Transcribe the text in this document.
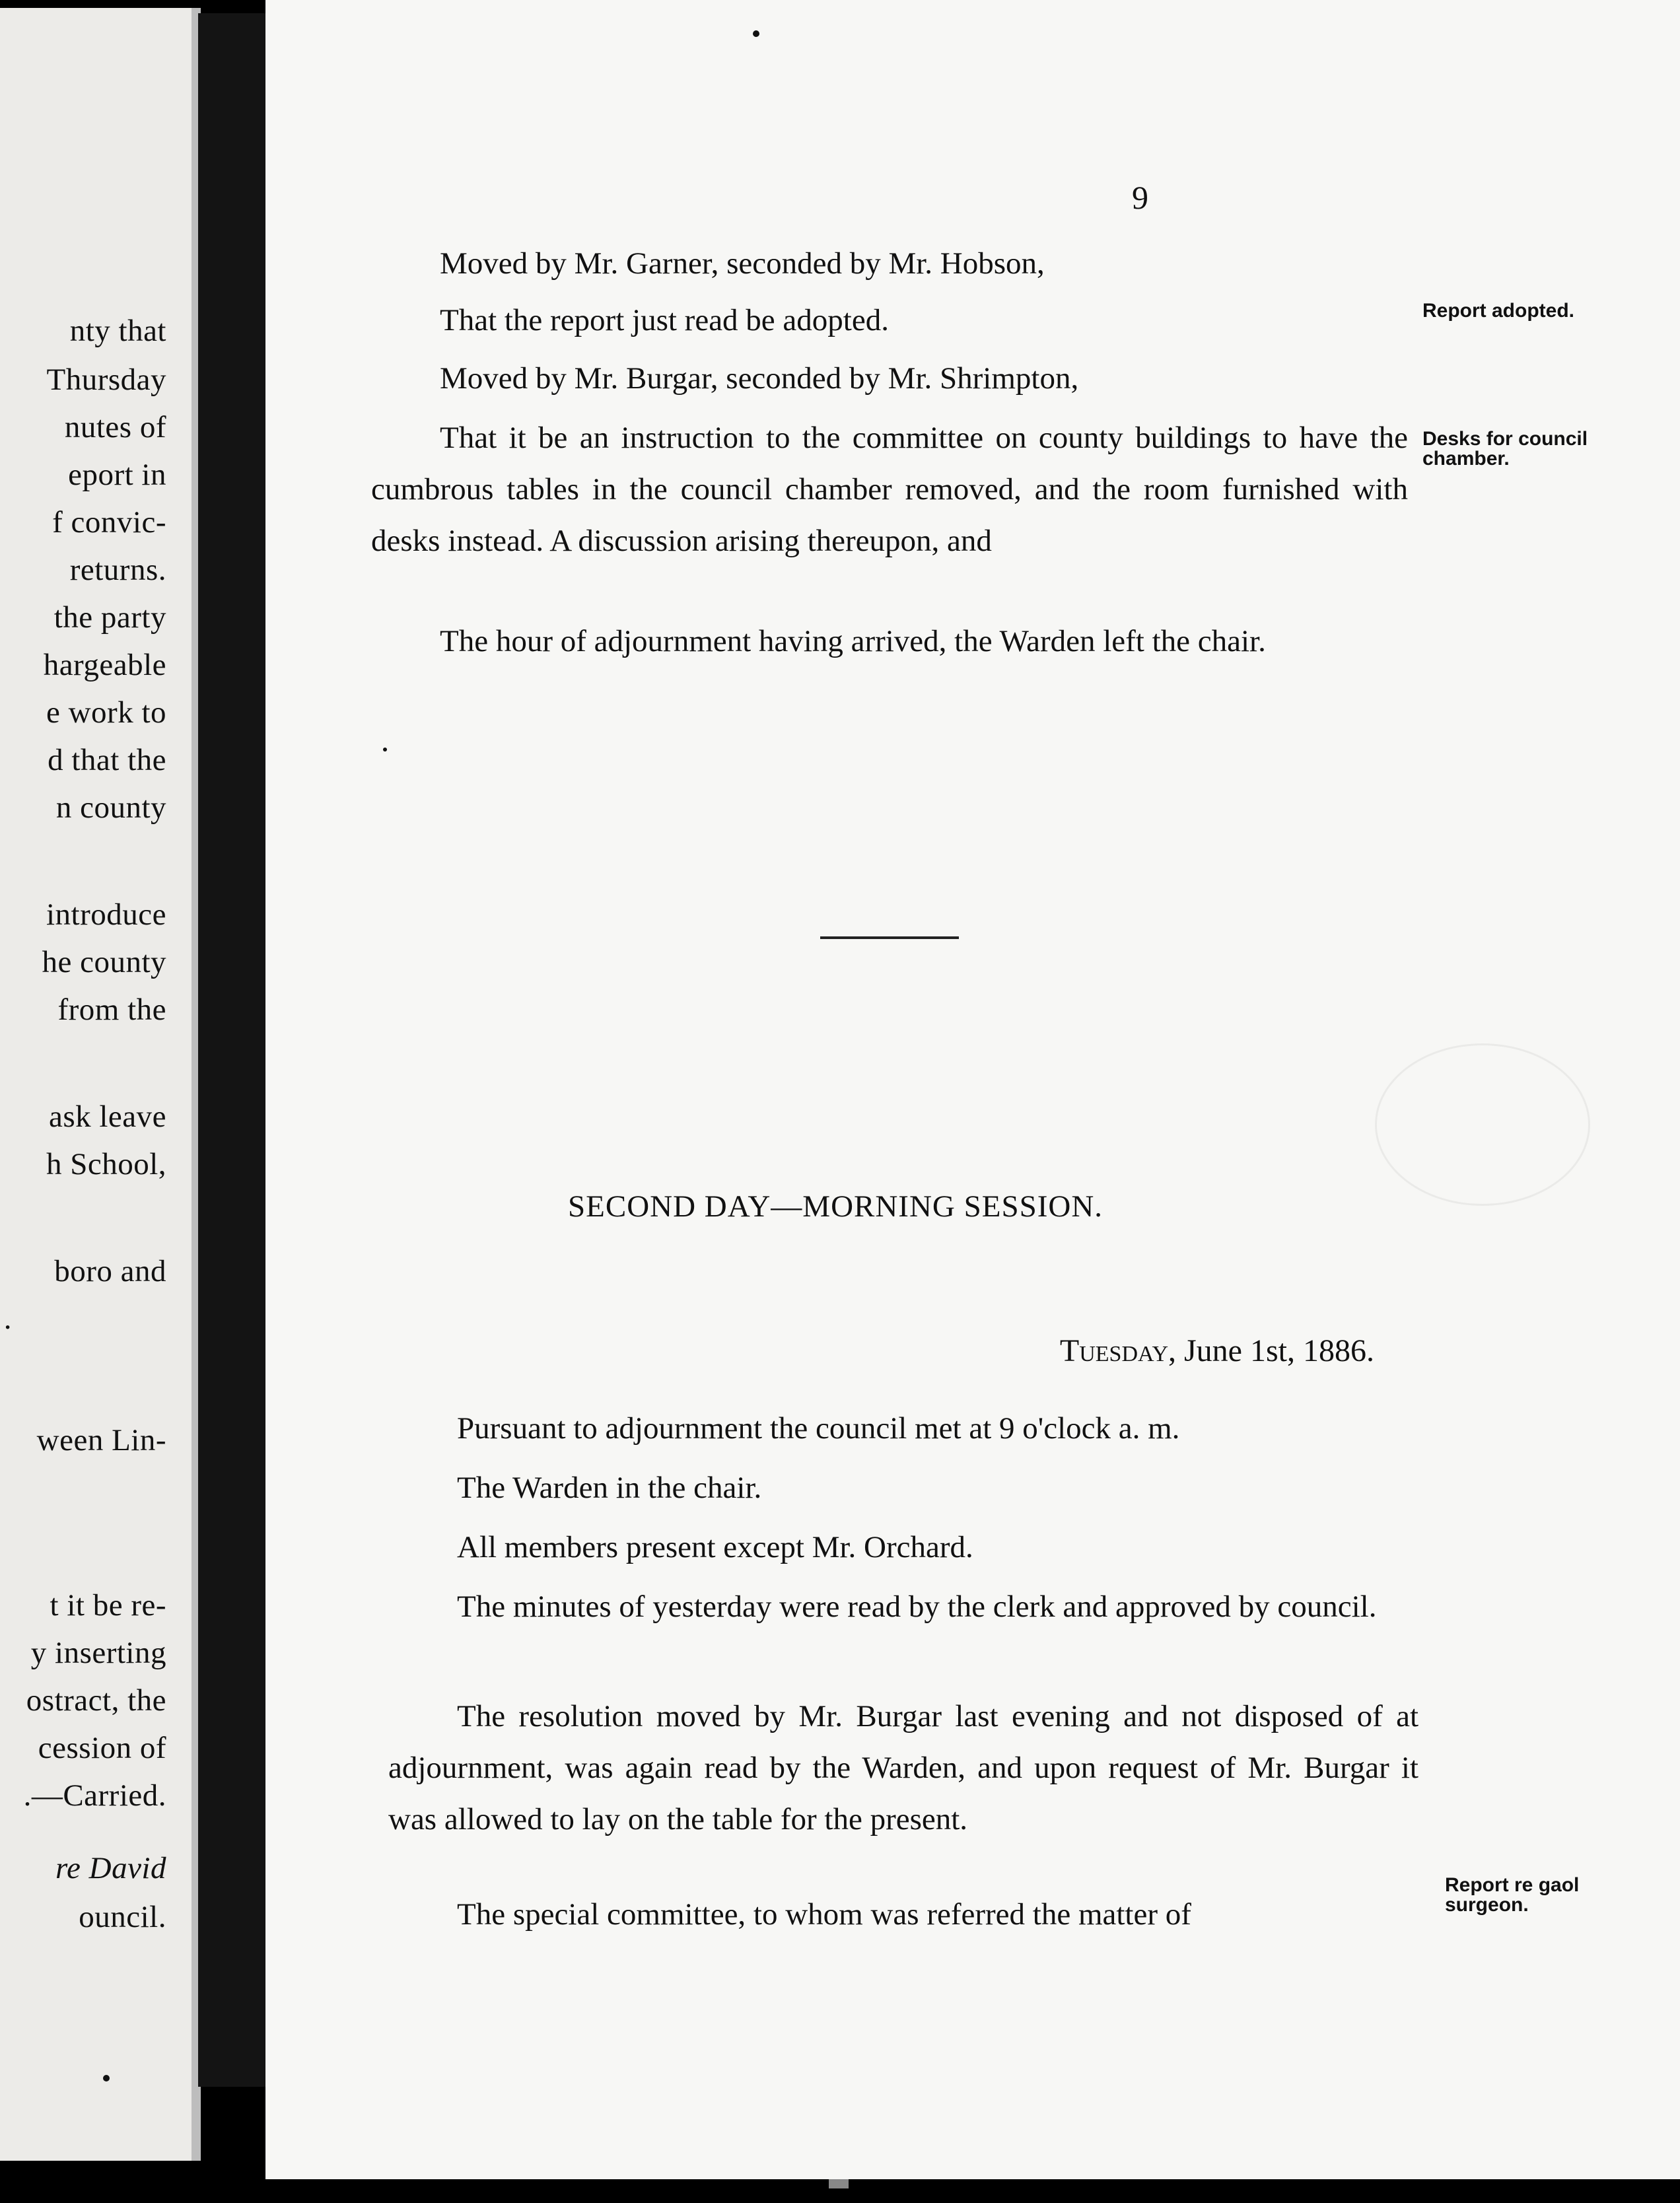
nty that
Thursday
nutes of
eport in
f convic-
returns.
the party
hargeable
e work to
d that the
n county
introduce
he county
from the
ask leave
h School,
boro and
.
ween Lin-
t it be re-
y inserting
ostract, the
cession of
.—Carried.
re David
ouncil.
9
Moved by Mr. Garner, seconded by Mr. Hobson,
That the report just read be adopted.
Moved by Mr. Burgar, seconded by Mr. Shrimpton,
That it be an instruction to the committee on county buildings to have the cumbrous tables in the council chamber removed, and the room furnished with desks instead. A discussion arising thereupon, and
The hour of adjournment having arrived, the Warden left the chair.
Report adopted.
Desks for council chamber.
SECOND DAY—MORNING SESSION.
Tuesday, June 1st, 1886.
Pursuant to adjournment the council met at 9 o'clock a. m.
The Warden in the chair.
All members present except Mr. Orchard.
The minutes of yesterday were read by the clerk and approved by council.
The resolution moved by Mr. Burgar last evening and not disposed of at adjournment, was again read by the Warden, and upon request of Mr. Burgar it was allowed to lay on the table for the present.
The special committee, to whom was referred the matter of
Report re gaol surgeon.
